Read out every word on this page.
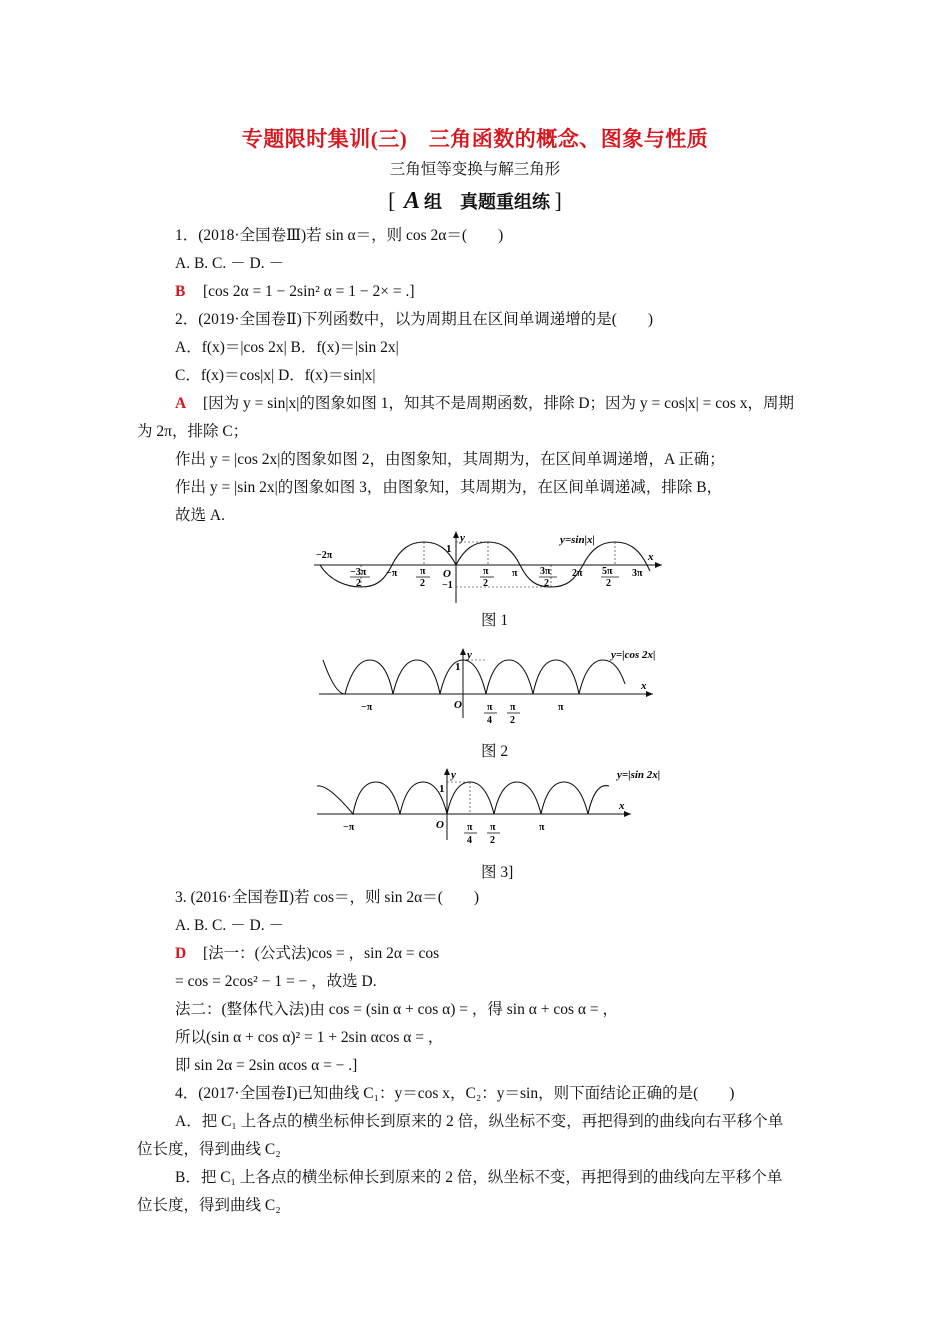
专题限时集训(三)　三角函数的概念、图象与性质
三角恒等变换与解三角形
[ A 组　真题重组练 ]
1．(2018·全国卷Ⅲ)若 sin α＝，则 cos 2α＝(　　)
A. B. C. － D. －
B [cos 2α = 1 − 2sin² α = 1 − 2× = .]
2．(2019·全国卷Ⅱ)下列函数中，以为周期且在区间单调递增的是(　　)
A．f(x)＝|cos 2x| B．f(x)＝|sin 2x|
C．f(x)＝cos|x| D．f(x)＝sin|x|
A [因为 y = sin|x|的图象如图 1，知其不是周期函数，排除 D；因为 y = cos|x| = cos x，周期
为 2π，排除 C；
作出 y = |cos 2x|的图象如图 2，由图象知，其周期为，在区间单调递增，A 正确；
作出 y = |sin 2x|的图象如图 3，由图象知，其周期为，在区间单调递减，排除 B，
故选 A.
y
x
y=sin|x|
1
O
−1
−2π
−3π
2
−π π
2
π
2
π 3π
2
2π 5π
2
3π
图 1
y
x
y=|cos 2x|
1
O
−π	π
4
π
2
π
图 2
y
x
y=|sin 2x|
1
O
−π	π
4
π
2
π
图 3]
3. (2016·全国卷Ⅱ)若 cos＝，则 sin 2α＝(　　)
A. B. C. － D. －
D [法一：(公式法)cos = ，sin 2α = cos
= cos = 2cos² − 1 = − ，故选 D.
法二：(整体代入法)由 cos = (sin α + cos α) = ，得 sin α + cos α = ，
所以(sin α + cos α)² = 1 + 2sin αcos α = ，
即 sin 2α = 2sin αcos α = − .]
4．(2017·全国卷Ⅰ)已知曲线 C₁：y＝cos x，C₂：y＝sin，则下面结论正确的是(　　)
A．把 C₁ 上各点的横坐标伸长到原来的 2 倍，纵坐标不变，再把得到的曲线向右平移个单
位长度，得到曲线 C₂
B．把 C₁ 上各点的横坐标伸长到原来的 2 倍，纵坐标不变，再把得到的曲线向左平移个单
位长度，得到曲线 C₂
